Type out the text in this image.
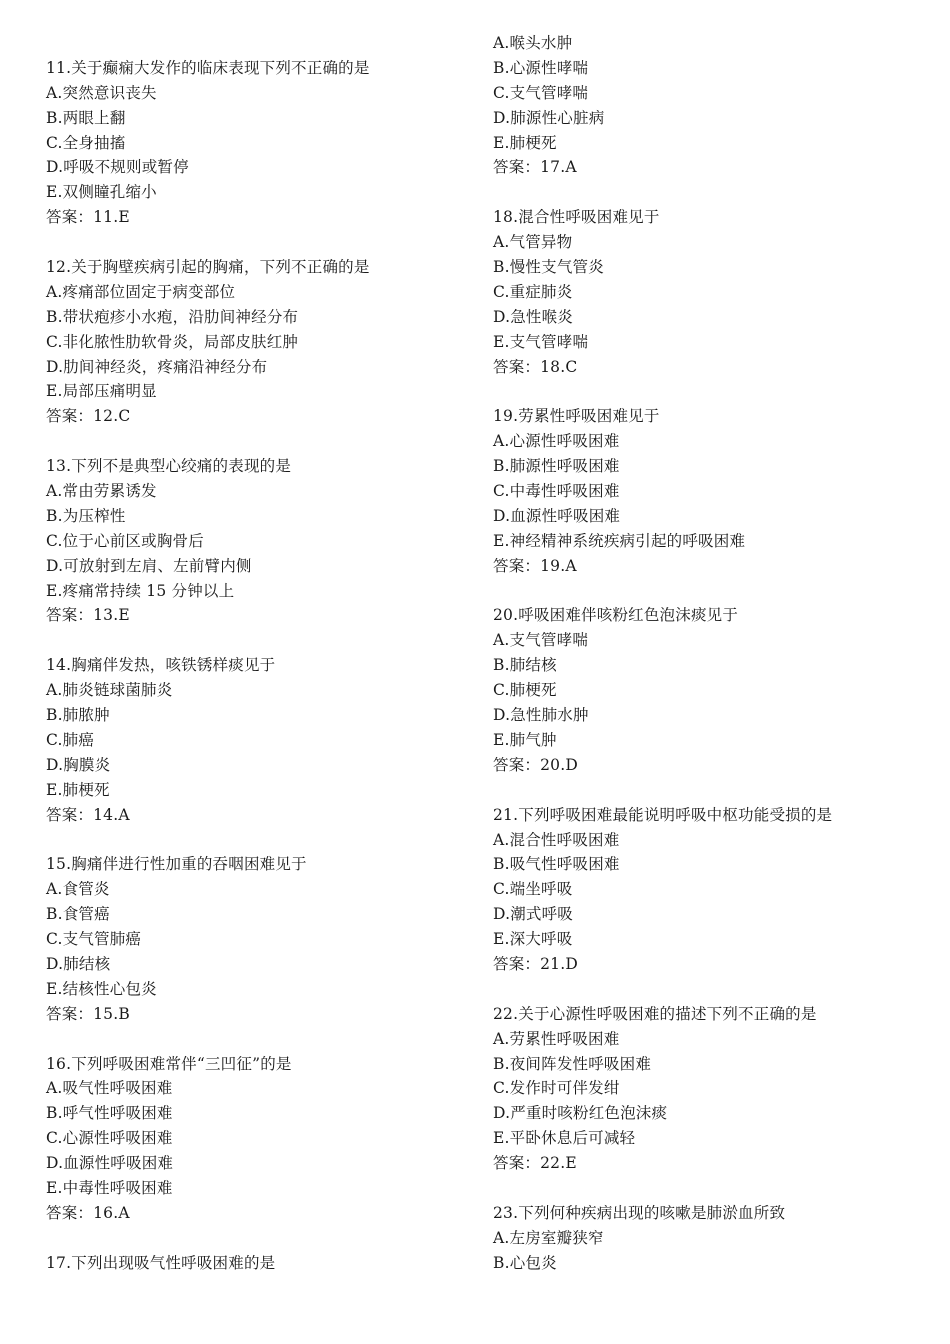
11.关于癫痫大发作的临床表现下列不正确的是
A.突然意识丧失
B.两眼上翻
C.全身抽搐
D.呼吸不规则或暂停
E.双侧瞳孔缩小
答案：11.E
12.关于胸壁疾病引起的胸痛，下列不正确的是
A.疼痛部位固定于病变部位
B.带状疱疹小水疱，沿肋间神经分布
C.非化脓性肋软骨炎，局部皮肤红肿
D.肋间神经炎，疼痛沿神经分布
E.局部压痛明显
答案：12.C
13.下列不是典型心绞痛的表现的是
A.常由劳累诱发
B.为压榨性
C.位于心前区或胸骨后
D.可放射到左肩、左前臂内侧
E.疼痛常持续 15 分钟以上
答案：13.E
14.胸痛伴发热，咳铁锈样痰见于
A.肺炎链球菌肺炎
B.肺脓肿
C.肺癌
D.胸膜炎
E.肺梗死
答案：14.A
15.胸痛伴进行性加重的吞咽困难见于
A.食管炎
B.食管癌
C.支气管肺癌
D.肺结核
E.结核性心包炎
答案：15.B
16.下列呼吸困难常伴“三凹征”的是
A.吸气性呼吸困难
B.呼气性呼吸困难
C.心源性呼吸困难
D.血源性呼吸困难
E.中毒性呼吸困难
答案：16.A
17.下列出现吸气性呼吸困难的是
A.喉头水肿
B.心源性哮喘
C.支气管哮喘
D.肺源性心脏病
E.肺梗死
答案：17.A
18.混合性呼吸困难见于
A.气管异物
B.慢性支气管炎
C.重症肺炎
D.急性喉炎
E.支气管哮喘
答案：18.C
19.劳累性呼吸困难见于
A.心源性呼吸困难
B.肺源性呼吸困难
C.中毒性呼吸困难
D.血源性呼吸困难
E.神经精神系统疾病引起的呼吸困难
答案：19.A
20.呼吸困难伴咳粉红色泡沫痰见于
A.支气管哮喘
B.肺结核
C.肺梗死
D.急性肺水肿
E.肺气肿
答案：20.D
21.下列呼吸困难最能说明呼吸中枢功能受损的是
A.混合性呼吸困难
B.吸气性呼吸困难
C.端坐呼吸
D.潮式呼吸
E.深大呼吸
答案：21.D
22.关于心源性呼吸困难的描述下列不正确的是
A.劳累性呼吸困难
B.夜间阵发性呼吸困难
C.发作时可伴发绀
D.严重时咳粉红色泡沫痰
E.平卧休息后可减轻
答案：22.E
23.下列何种疾病出现的咳嗽是肺淤血所致
A.左房室瓣狭窄
B.心包炎
